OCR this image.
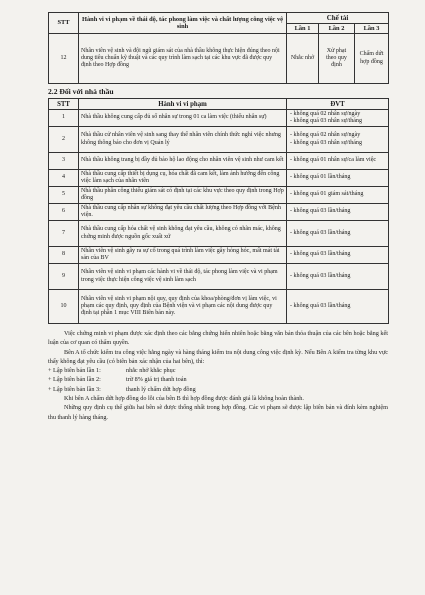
STT	Hành vi vi phạm về thái độ, tác phong làm việc và chất lượng công việc vệ sinh	Chế tài		
		Lần 1	Lần 2	Lần 3
12	Nhân viên vệ sinh và đội ngũ giám sát của nhà thầu không thực hiện đúng theo nội dung tiêu chuẩn kỹ thuật và các quy trình làm sạch tại các khu vực đã được quy định theo Hợp đồng	Nhắc nhở	Xử phạt theo quy định	Chấm dứt hợp đồng
2.2 Đối với nhà thầu
STT	Hành vi vi phạm	ĐVT
1	Nhà thầu không cung cấp đủ số nhân sự trong 01 ca làm việc (thiếu nhân sự)	- không quá 02 nhân sự/ngày
- không quá 03 nhân sự/tháng
2	Nhà thầu cử nhân viên vệ sinh sang thay thế nhân viên chính thức nghỉ việc nhưng không thông báo cho đơn vị Quản lý	- không quá 02 nhân sự/ngày
- không quá 03 nhân sự/tháng
3	Nhà thầu không trang bị đầy đủ bảo hộ lao động cho nhân viên vệ sinh như cam kết	- không quá 01 nhân sự/ca làm việc
4	Nhà thầu cung cấp thiết bị dụng cụ, hóa chất đã cam kết, làm ảnh hưởng đến công việc làm sạch của nhân viên	- không quá 01 lần/tháng
5	Nhà thầu phân công thiếu giám sát có định tại các khu vực theo quy định trong Hợp đồng	- không quá 01 giám sát/tháng
6	Nhà thầu cung cấp nhân sự không đạt yêu cầu chất lượng theo Hợp đồng với Bệnh viện.	- không quá 03 lần/tháng
7	Nhà thầu cung cấp hóa chất vệ sinh không đạt yêu cầu, không có nhãn mác, không chứng minh được nguồn gốc xuất xứ	- không quá 03 lần/tháng
8	Nhân viên vệ sinh gây ra sự cố trong quá trình làm việc gây hỏng hóc, mất mát tài sản của BV	- không quá 03 lần/tháng
9	Nhân viên vệ sinh vi phạm các hành vi về thái độ, tác phong làm việc và vi phạm trong việc thực hiện công việc vệ sinh làm sạch	- không quá 03 lần/tháng
10	Nhân viên vệ sinh vi phạm nội quy, quy định của khoa/phòng/đơn vị làm việc, vi phạm các quy định, quy định của Bệnh viện và vi phạm các nội dung được quy định tại phần 1 mục VIII Biên bản này.	- không quá 03 lần/tháng

Việc chứng minh vi phạm được xác định theo các bằng chứng hiển nhiên hoặc bằng văn bản thỏa thuận của các bên hoặc bằng kết luận của cơ quan có thẩm quyền.

Bên A tổ chức kiểm tra công việc hằng ngày và hàng tháng kiểm tra nội dung công việc định kỳ. Nếu Bên A kiểm tra từng khu vực thấy không đạt yêu cầu (có biên bản xác nhận của hai bên), thì:

+ Lập biên bản lần 1:	nhắc nhở khắc phục
+ Lập biên bản lần 2:	trừ 8% giá trị thanh toán
+ Lập biên bản lần 3:	thanh lý chấm dứt hợp đồng

Khi bên A chấm dứt hợp đồng do lỗi của bên B thì hợp đồng được đánh giá là không hoàn thành.

Những quy định cụ thể giữa hai bên sẽ được thống nhất trong hợp đồng. Các vi phạm sẽ được lập biên bản và đính kèm nghiệm thu thanh lý hàng tháng.
